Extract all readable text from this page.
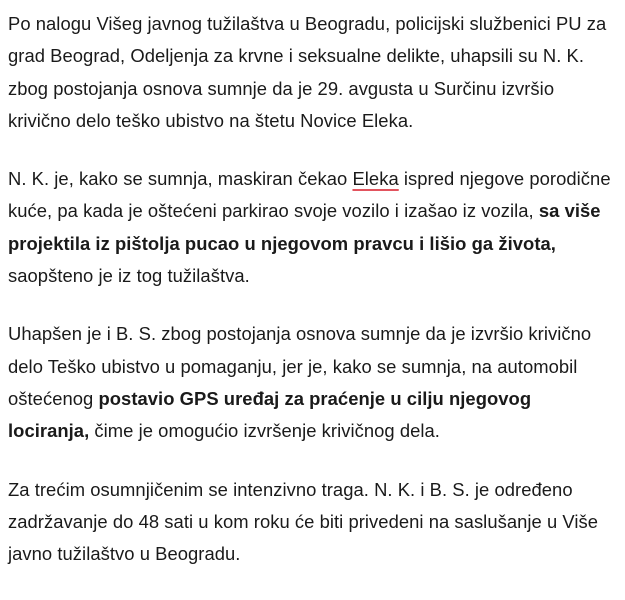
Po nalogu Višeg javnog tužilaštva u Beogradu, policijski službenici PU za grad Beograd, Odeljenja za krvne i seksualne delikte, uhapsili su N. K. zbog postojanja osnova sumnje da je 29. avgusta u Surčinu izvršio krivično delo teško ubistvo na štetu Novice Eleka.

N. K. je, kako se sumnja, maskiran čekao Eleka ispred njegove porodične kuće, pa kada je oštećeni parkirao svoje vozilo i izašao iz vozila, sa više projektila iz pištolja pucao u njegovom pravcu i lišio ga života, saopšteno je iz tog tužilaštva.

Uhapšen je i B. S. zbog postojanja osnova sumnje da je izvršio krivično delo Teško ubistvo u pomaganju, jer je, kako se sumnja, na automobil oštećenog postavio GPS uređaj za praćenje u cilju njegovog lociranja, čime je omogućio izvršenje krivičnog dela.

Za trećim osumnjičenim se intenzivno traga. N. K. i B. S. je određeno zadržavanje do 48 sati u kom roku će biti privedeni na saslušanje u Više javno tužilaštvo u Beogradu.
